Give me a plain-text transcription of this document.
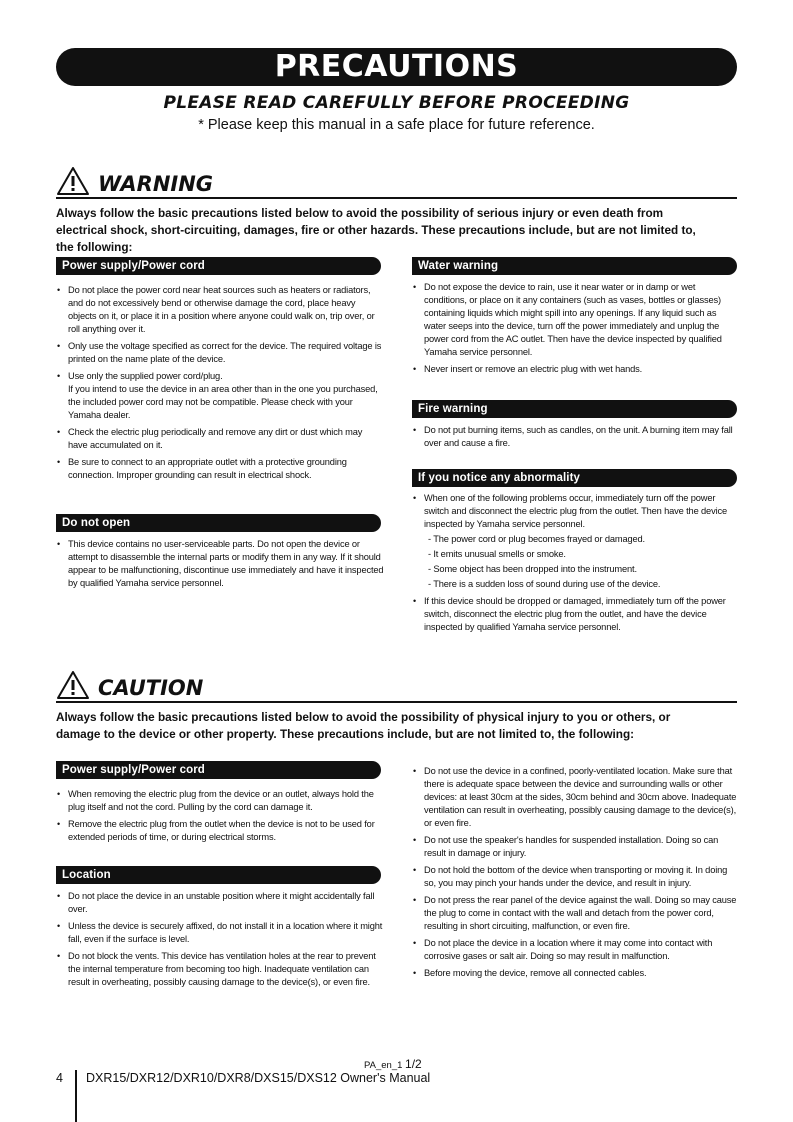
PRECAUTIONS
PLEASE READ CAREFULLY BEFORE PROCEEDING
* Please keep this manual in a safe place for future reference.
WARNING
Always follow the basic precautions listed below to avoid the possibility of serious injury or even death from electrical shock, short-circuiting, damages, fire or other hazards. These precautions include, but are not limited to, the following:
Power supply/Power cord
• Do not place the power cord near heat sources such as heaters or radiators, and do not excessively bend or otherwise damage the cord, place heavy objects on it, or place it in a position where anyone could walk on, trip over, or roll anything over it.
• Only use the voltage specified as correct for the device. The required voltage is printed on the name plate of the device.
• Use only the supplied power cord/plug.
If you intend to use the device in an area other than in the one you purchased, the included power cord may not be compatible. Please check with your Yamaha dealer.
• Check the electric plug periodically and remove any dirt or dust which may have accumulated on it.
• Be sure to connect to an appropriate outlet with a protective grounding connection. Improper grounding can result in electrical shock.
Do not open
• This device contains no user-serviceable parts. Do not open the device or attempt to disassemble the internal parts or modify them in any way. If it should appear to be malfunctioning, discontinue use immediately and have it inspected by qualified Yamaha service personnel.
Water warning
• Do not expose the device to rain, use it near water or in damp or wet conditions, or place on it any containers (such as vases, bottles or glasses) containing liquids which might spill into any openings. If any liquid such as water seeps into the device, turn off the power immediately and unplug the power cord from the AC outlet. Then have the device inspected by qualified Yamaha service personnel.
• Never insert or remove an electric plug with wet hands.
Fire warning
• Do not put burning items, such as candles, on the unit. A burning item may fall over and cause a fire.
If you notice any abnormality
• When one of the following problems occur, immediately turn off the power switch and disconnect the electric plug from the outlet. Then have the device inspected by Yamaha service personnel.
- The power cord or plug becomes frayed or damaged.
- It emits unusual smells or smoke.
- Some object has been dropped into the instrument.
- There is a sudden loss of sound during use of the device.
• If this device should be dropped or damaged, immediately turn off the power switch, disconnect the electric plug from the outlet, and have the device inspected by qualified Yamaha service personnel.
CAUTION
Always follow the basic precautions listed below to avoid the possibility of physical injury to you or others, or damage to the device or other property. These precautions include, but are not limited to, the following:
Power supply/Power cord
• When removing the electric plug from the device or an outlet, always hold the plug itself and not the cord. Pulling by the cord can damage it.
• Remove the electric plug from the outlet when the device is not to be used for extended periods of time, or during electrical storms.
Location
• Do not place the device in an unstable position where it might accidentally fall over.
• Unless the device is securely affixed, do not install it in a location where it might fall, even if the surface is level.
• Do not block the vents. This device has ventilation holes at the rear to prevent the internal temperature from becoming too high. Inadequate ventilation can result in overheating, possibly causing damage to the device(s), or even fire.
• Do not use the device in a confined, poorly-ventilated location. Make sure that there is adequate space between the device and surrounding walls or other devices: at least 30cm at the sides, 30cm behind and 30cm above. Inadequate ventilation can result in overheating, possibly causing damage to the device(s), or even fire.
• Do not use the speaker's handles for suspended installation. Doing so can result in damage or injury.
• Do not hold the bottom of the device when transporting or moving it. In doing so, you may pinch your hands under the device, and result in injury.
• Do not press the rear panel of the device against the wall. Doing so may cause the plug to come in contact with the wall and detach from the power cord, resulting in short circuiting, malfunction, or even fire.
• Do not place the device in a location where it may come into contact with corrosive gases or salt air. Doing so may result in malfunction.
• Before moving the device, remove all connected cables.
PA_en_1 1/2
4 DXR15/DXR12/DXR10/DXR8/DXS15/DXS12 Owner's Manual
